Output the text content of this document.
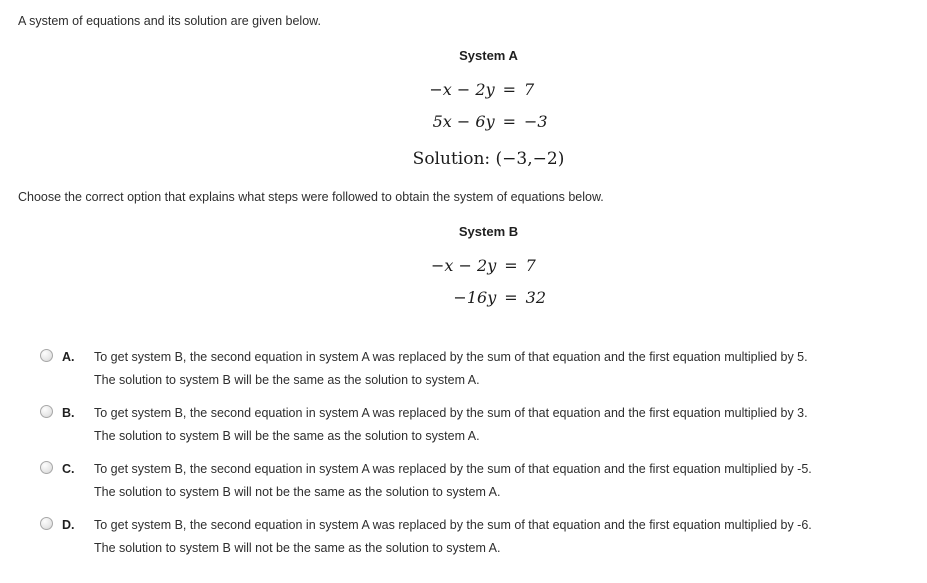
A system of equations and its solution are given below.

System A
−x − 2y = 7
5x − 6y = −3
Solution: (−3,−2)

Choose the correct option that explains what steps were followed to obtain the system of equations below.

System B
−x − 2y = 7
−16y = 32
A.	To get system B, the second equation in system A was replaced by the sum of that equation and the first equation multiplied by 5.
The solution to system B will be the same as the solution to system A.
B.	To get system B, the second equation in system A was replaced by the sum of that equation and the first equation multiplied by 3.
The solution to system B will be the same as the solution to system A.
C.	To get system B, the second equation in system A was replaced by the sum of that equation and the first equation multiplied by -5.
The solution to system B will not be the same as the solution to system A.
D.	To get system B, the second equation in system A was replaced by the sum of that equation and the first equation multiplied by -6.
The solution to system B will not be the same as the solution to system A.
